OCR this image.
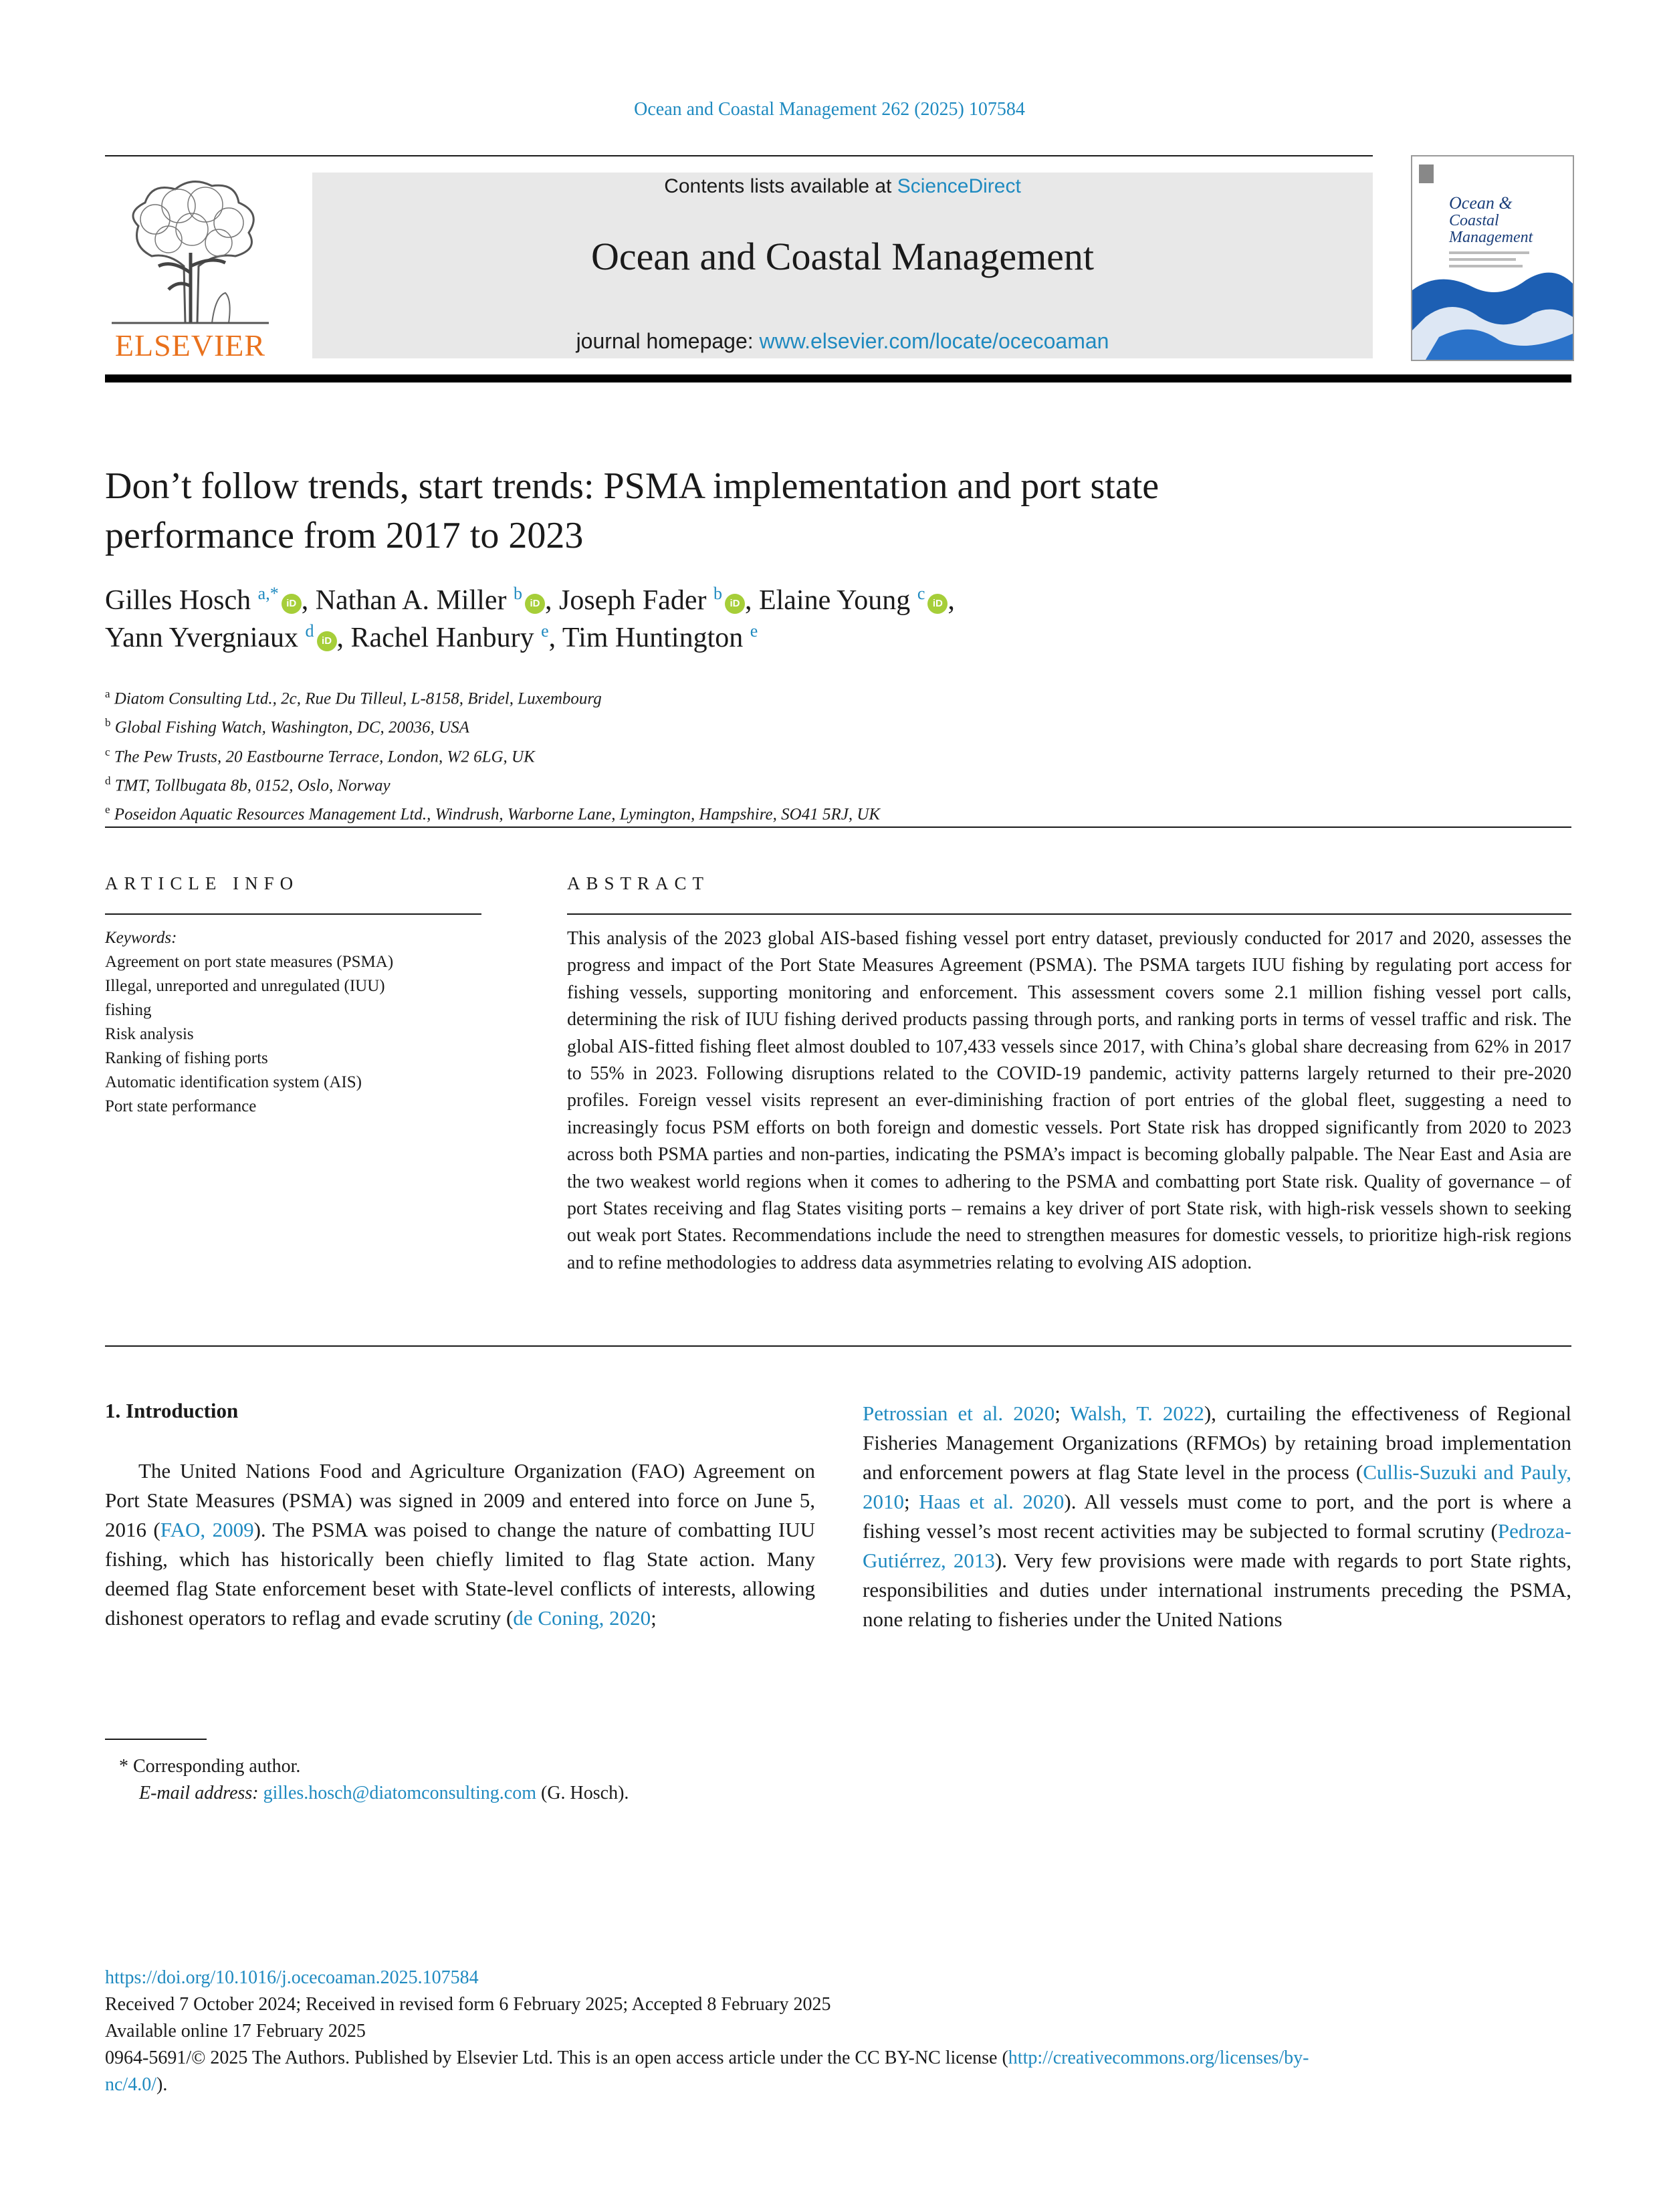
Ocean and Coastal Management 262 (2025) 107584
ELSEVIER
Contents lists available at ScienceDirect
Ocean and Coastal Management
journal homepage: www.elsevier.com/locate/ocecoaman
Ocean &
Coastal
Management
Don’t follow trends, start trends: PSMA implementation and port state
performance from 2017 to 2023
Gilles Hosch $^{a,*}$iD , Nathan A. Miller $^b$iD , Joseph Fader $^b$iD , Elaine Young $^c$iD ,
Yann Yvergniaux $^d$iD , Rachel Hanbury $^e$, Tim Huntington $^e$
$^a$ Diatom Consulting Ltd., 2c, Rue Du Tilleul, L-8158, Bridel, Luxembourg
$^b$ Global Fishing Watch, Washington, DC, 20036, USA
$^c$ The Pew Trusts, 20 Eastbourne Terrace, London, W2 6LG, UK
$^d$ TMT, Tollbugata 8b, 0152, Oslo, Norway
$^e$ Poseidon Aquatic Resources Management Ltd., Windrush, Warborne Lane, Lymington, Hampshire, SO41 5RJ, UK
ARTICLE INFO	ABSTRACT
Keywords:
Agreement on port state measures (PSMA)
Illegal, unreported and unregulated (IUU)
fishing
Risk analysis
Ranking of fishing ports
Automatic identification system (AIS)
Port state performance
This analysis of the 2023 global AIS-based fishing vessel port entry dataset, previously conducted for 2017 and 2020, assesses the progress and impact of the Port State Measures Agreement (PSMA). The PSMA targets IUU fishing by regulating port access for fishing vessels, supporting monitoring and enforcement. This assessment covers some 2.1 million fishing vessel port calls, determining the risk of IUU fishing derived products passing through ports, and ranking ports in terms of vessel traffic and risk. The global AIS-fitted fishing fleet almost doubled to 107,433 vessels since 2017, with China’s global share decreasing from 62% in 2017 to 55% in 2023. Following disruptions related to the COVID-19 pandemic, activity patterns largely returned to their pre-2020 profiles. Foreign vessel visits represent an ever-diminishing fraction of port entries of the global fleet, suggesting a need to increasingly focus PSM efforts on both foreign and domestic vessels. Port State risk has dropped significantly from 2020 to 2023 across both PSMA parties and non-parties, indicating the PSMA’s impact is becoming globally palpable. The Near East and Asia are the two weakest world regions when it comes to adhering to the PSMA and combatting port State risk. Quality of governance – of port States receiving and flag States visiting ports – remains a key driver of port State risk, with high-risk vessels shown to seeking out weak port States. Recommendations include the need to strengthen measures for domestic vessels, to prioritize high-risk regions and to refine methodologies to address data asymmetries relating to evolving AIS adoption.
1. Introduction
The United Nations Food and Agriculture Organization (FAO) Agreement on Port State Measures (PSMA) was signed in 2009 and entered into force on June 5, 2016 (FAO, 2009). The PSMA was poised to change the nature of combatting IUU fishing, which has historically been chiefly limited to flag State action. Many deemed flag State enforcement beset with State-level conflicts of interests, allowing dishonest operators to reflag and evade scrutiny (de Coning, 2020;
Petrossian et al. 2020; Walsh, T. 2022), curtailing the effectiveness of Regional Fisheries Management Organizations (RFMOs) by retaining broad implementation and enforcement powers at flag State level in the process (Cullis-Suzuki and Pauly, 2010; Haas et al. 2020). All vessels must come to port, and the port is where a fishing vessel’s most recent activities may be subjected to formal scrutiny (Pedroza-Gutiérrez, 2013). Very few provisions were made with regards to port State rights, responsibilities and duties under international instruments preceding the PSMA, none relating to fisheries under the United Nations
* Corresponding author.
E-mail address: gilles.hosch@diatomconsulting.com (G. Hosch).
https://doi.org/10.1016/j.ocecoaman.2025.107584
Received 7 October 2024; Received in revised form 6 February 2025; Accepted 8 February 2025
Available online 17 February 2025
0964-5691/© 2025 The Authors. Published by Elsevier Ltd. This is an open access article under the CC BY-NC license (http://creativecommons.org/licenses/by-
nc/4.0/).
